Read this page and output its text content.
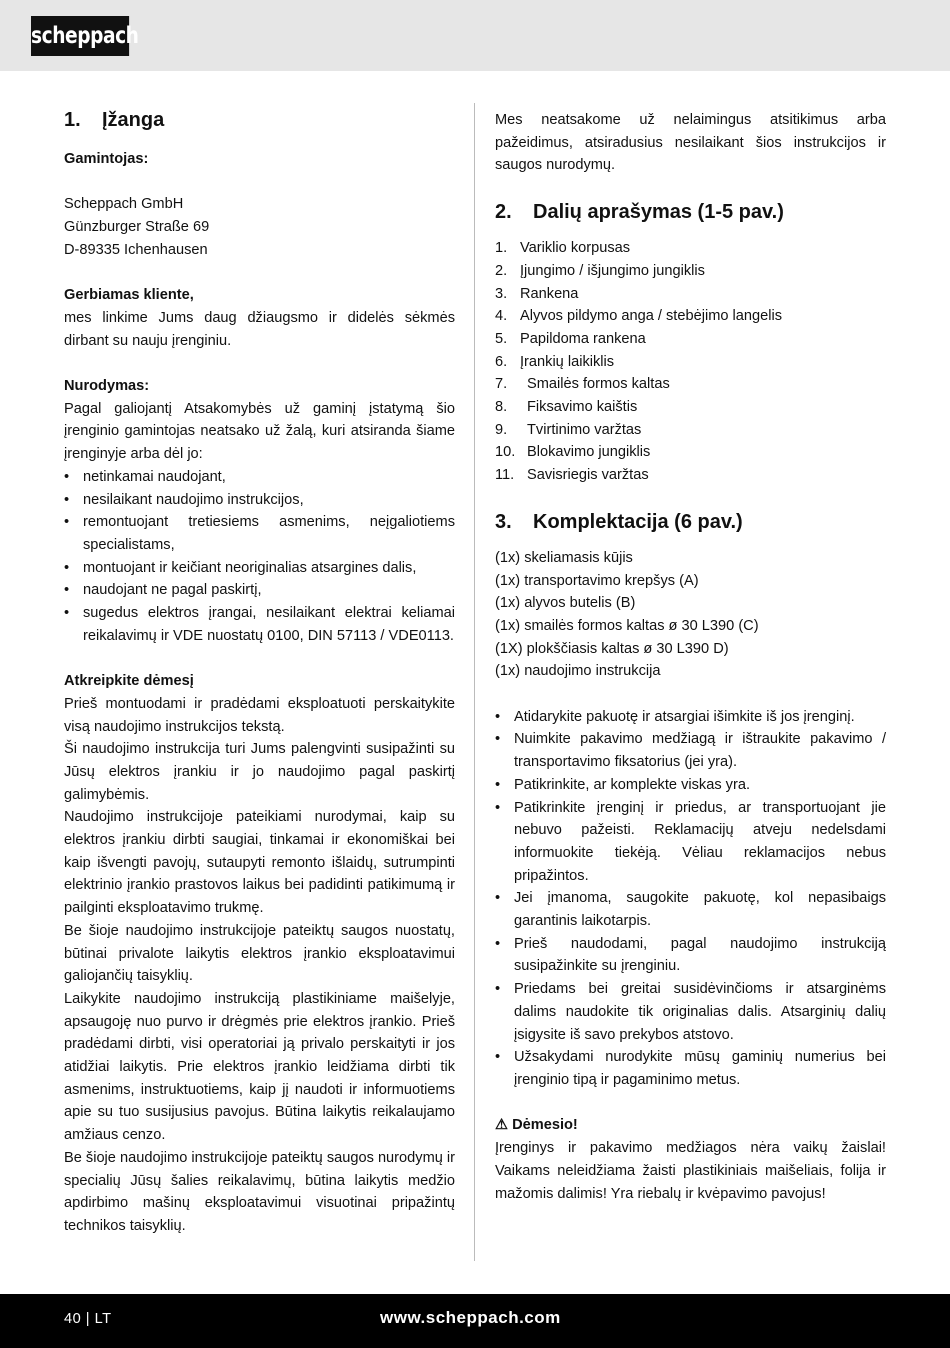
scheppach
1. Įžanga

Gamintojas:

Scheppach GmbH

Günzburger Straße 69

D-89335 Ichenhausen

Gerbiamas kliente,

mes linkime Jums daug džiaugsmo ir didelės sėkmės dirbant su nauju įrenginiu.

Nurodymas:

Pagal galiojantį Atsakomybės už gaminį įstatymą šio įrenginio gamintojas neatsako už žalą, kuri atsiranda šiame įrenginyje arba dėl jo:

• netinkamai naudojant,
• nesilaikant naudojimo instrukcijos,
• remontuojant tretiesiems asmenims, neįgaliotiems specialistams,
• montuojant ir keičiant neoriginalias atsargines dalis,
• naudojant ne pagal paskirtį,
• sugedus elektros įrangai, nesilaikant elektrai keliamai reikalavimų ir VDE nuostatų 0100, DIN 57113 / VDE0113.

Atkreipkite dėmesį

Prieš montuodami ir pradėdami eksploatuoti perskaitykite visą naudojimo instrukcijos tekstą.

Ši naudojimo instrukcija turi Jums palengvinti susipažinti su Jūsų elektros įrankiu ir jo naudojimo pagal paskirtį galimybėmis.

Naudojimo instrukcijoje pateikiami nurodymai, kaip su elektros įrankiu dirbti saugiai, tinkamai ir ekonomiškai bei kaip išvengti pavojų, sutaupyti remonto išlaidų, sutrumpinti elektrinio įrankio prastovos laikus bei padidinti patikimumą ir pailginti eksploatavimo trukmę.

Be šioje naudojimo instrukcijoje pateiktų saugos nuostatų, būtinai privalote laikytis elektros įrankio eksploatavimui galiojančių taisyklių.

Laikykite naudojimo instrukciją plastikiniame maišelyje, apsaugoję nuo purvo ir drėgmės prie elektros įrankio. Prieš pradėdami dirbti, visi operatoriai ją privalo perskaityti ir jos atidžiai laikytis. Prie elektros įrankio leidžiama dirbti tik asmenims, instruktuotiems, kaip jį naudoti ir informuotiems apie su tuo susijusius pavojus. Būtina laikytis reikalaujamo amžiaus cenzo.

Be šioje naudojimo instrukcijoje pateiktų saugos nurodymų ir specialių Jūsų šalies reikalavimų, būtina laikytis medžio apdirbimo mašinų eksploatavimui visuotinai pripažintų technikos taisyklių.

Mes neatsakome už nelaimingus atsitikimus arba pažeidimus, atsiradusius nesilaikant šios instrukcijos ir saugos nurodymų.

2. Dalių aprašymas (1-5 pav.)
1. Variklio korpusas
2. Įjungimo / išjungimo jungiklis
3. Rankena
4. Alyvos pildymo anga / stebėjimo langelis
5. Papildoma rankena
6. Įrankių laikiklis
7. Smailės formos kaltas
8. Fiksavimo kaištis
9. Tvirtinimo varžtas
10. Blokavimo jungiklis
11. Savisriegis varžtas
3. Komplektacija (6 pav.)

(1x) skeliamasis kūjis

(1x) transportavimo krepšys (A)

(1x) alyvos butelis (B)

(1x) smailės formos kaltas ø 30 L390 (C)

(1X) plokščiasis kaltas ø 30 L390 D)

(1x) naudojimo instrukcija

• Atidarykite pakuotę ir atsargiai išimkite iš jos įrenginį.
• Nuimkite pakavimo medžiagą ir ištraukite pakavimo / transportavimo fiksatorius (jei yra).
• Patikrinkite, ar komplekte viskas yra.
• Patikrinkite įrenginį ir priedus, ar transportuojant jie nebuvo pažeisti. Reklamacijų atveju nedelsdami informuokite tiekėją. Vėliau reklamacijos nebus pripažintos.
• Jei įmanoma, saugokite pakuotę, kol nepasibaigs garantinis laikotarpis.
• Prieš naudodami, pagal naudojimo instrukciją susipažinkite su įrenginiu.
• Priedams bei greitai susidėvinčioms ir atsarginėms dalims naudokite tik originalias dalis. Atsarginių dalių įsigysite iš savo prekybos atstovo.
• Užsakydami nurodykite mūsų gaminių numerius bei įrenginio tipą ir pagaminimo metus.

⚠ Dėmesio!

Įrenginys ir pakavimo medžiagos nėra vaikų žaislai! Vaikams neleidžiama žaisti plastikiniais maišeliais, folija ir mažomis dalimis! Yra riebalų ir kvėpavimo pavojus!

40 | LT	www.scheppach.com
